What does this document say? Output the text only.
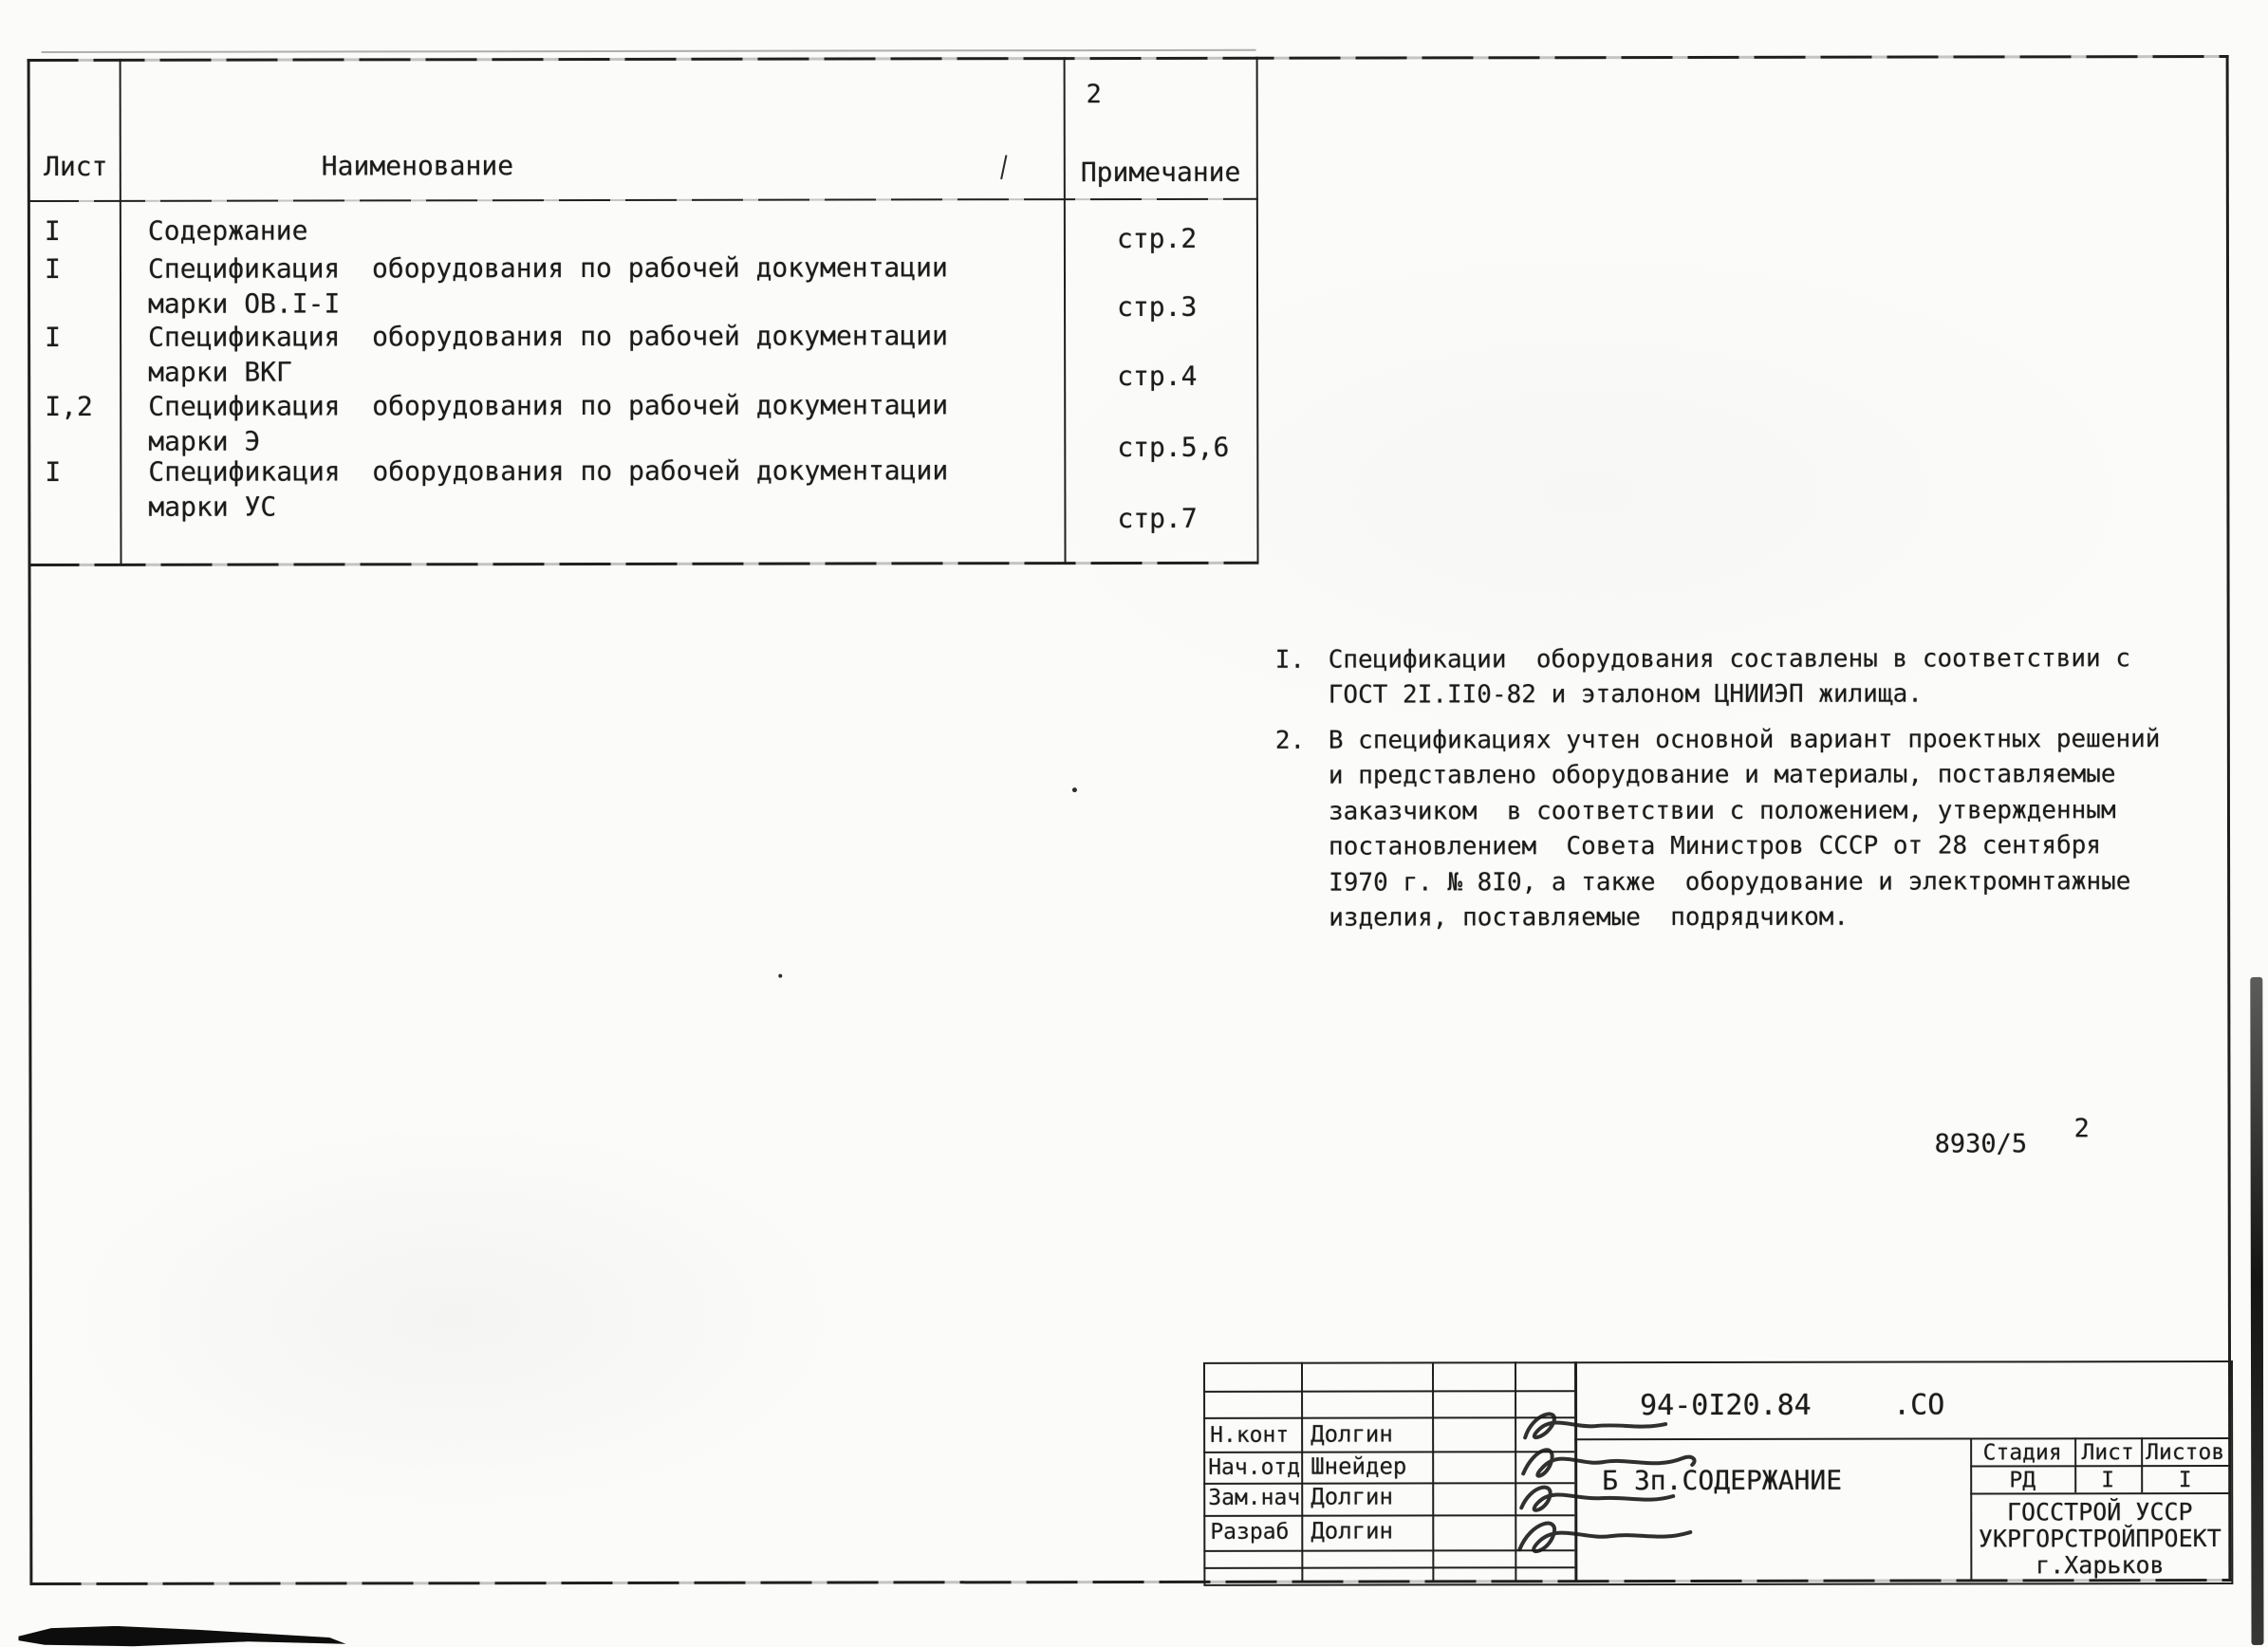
Лист	Наименование
2
Примечание
I	Содержание	стр.2
I	Спецификация  оборудования по рабочей документации
марки ОВ.I-I	стр.3
I	Спецификация  оборудования по рабочей документации
марки ВКГ	стр.4
I,2 Спецификация  оборудования по рабочей документации
марки Э	стр.5,6
I	Спецификация  оборудования по рабочей документации
марки УС	стр.7
I. Спецификации  оборудования составлены в соответствии с
ГОСТ 2I.II0-82 и эталоном ЦНИИЭП жилища.
2. В спецификациях учтен основной вариант проектных решений
и представлено оборудование и материалы, поставляемые
заказчиком  в соответствии с положением, утвержденным
постановлением  Совета Министров СССР от 28 сентября
I970 г. № 8I0, а также  оборудование и электромнтажные
изделия, поставляемые  подрядчиком.
8930/5
2
Н.конт Долгин
Нач.отд Шнейдер
Зам.нач Долгин
Разраб Долгин
94-0I20.84	.СО
Б 3п.СОДЕРЖАНИЕ
Стадия Лист Листов
РД	I	I
ГОССТРОЙ УССР
УКРГОРСТРОЙПРОЕКТ
г.Харьков
